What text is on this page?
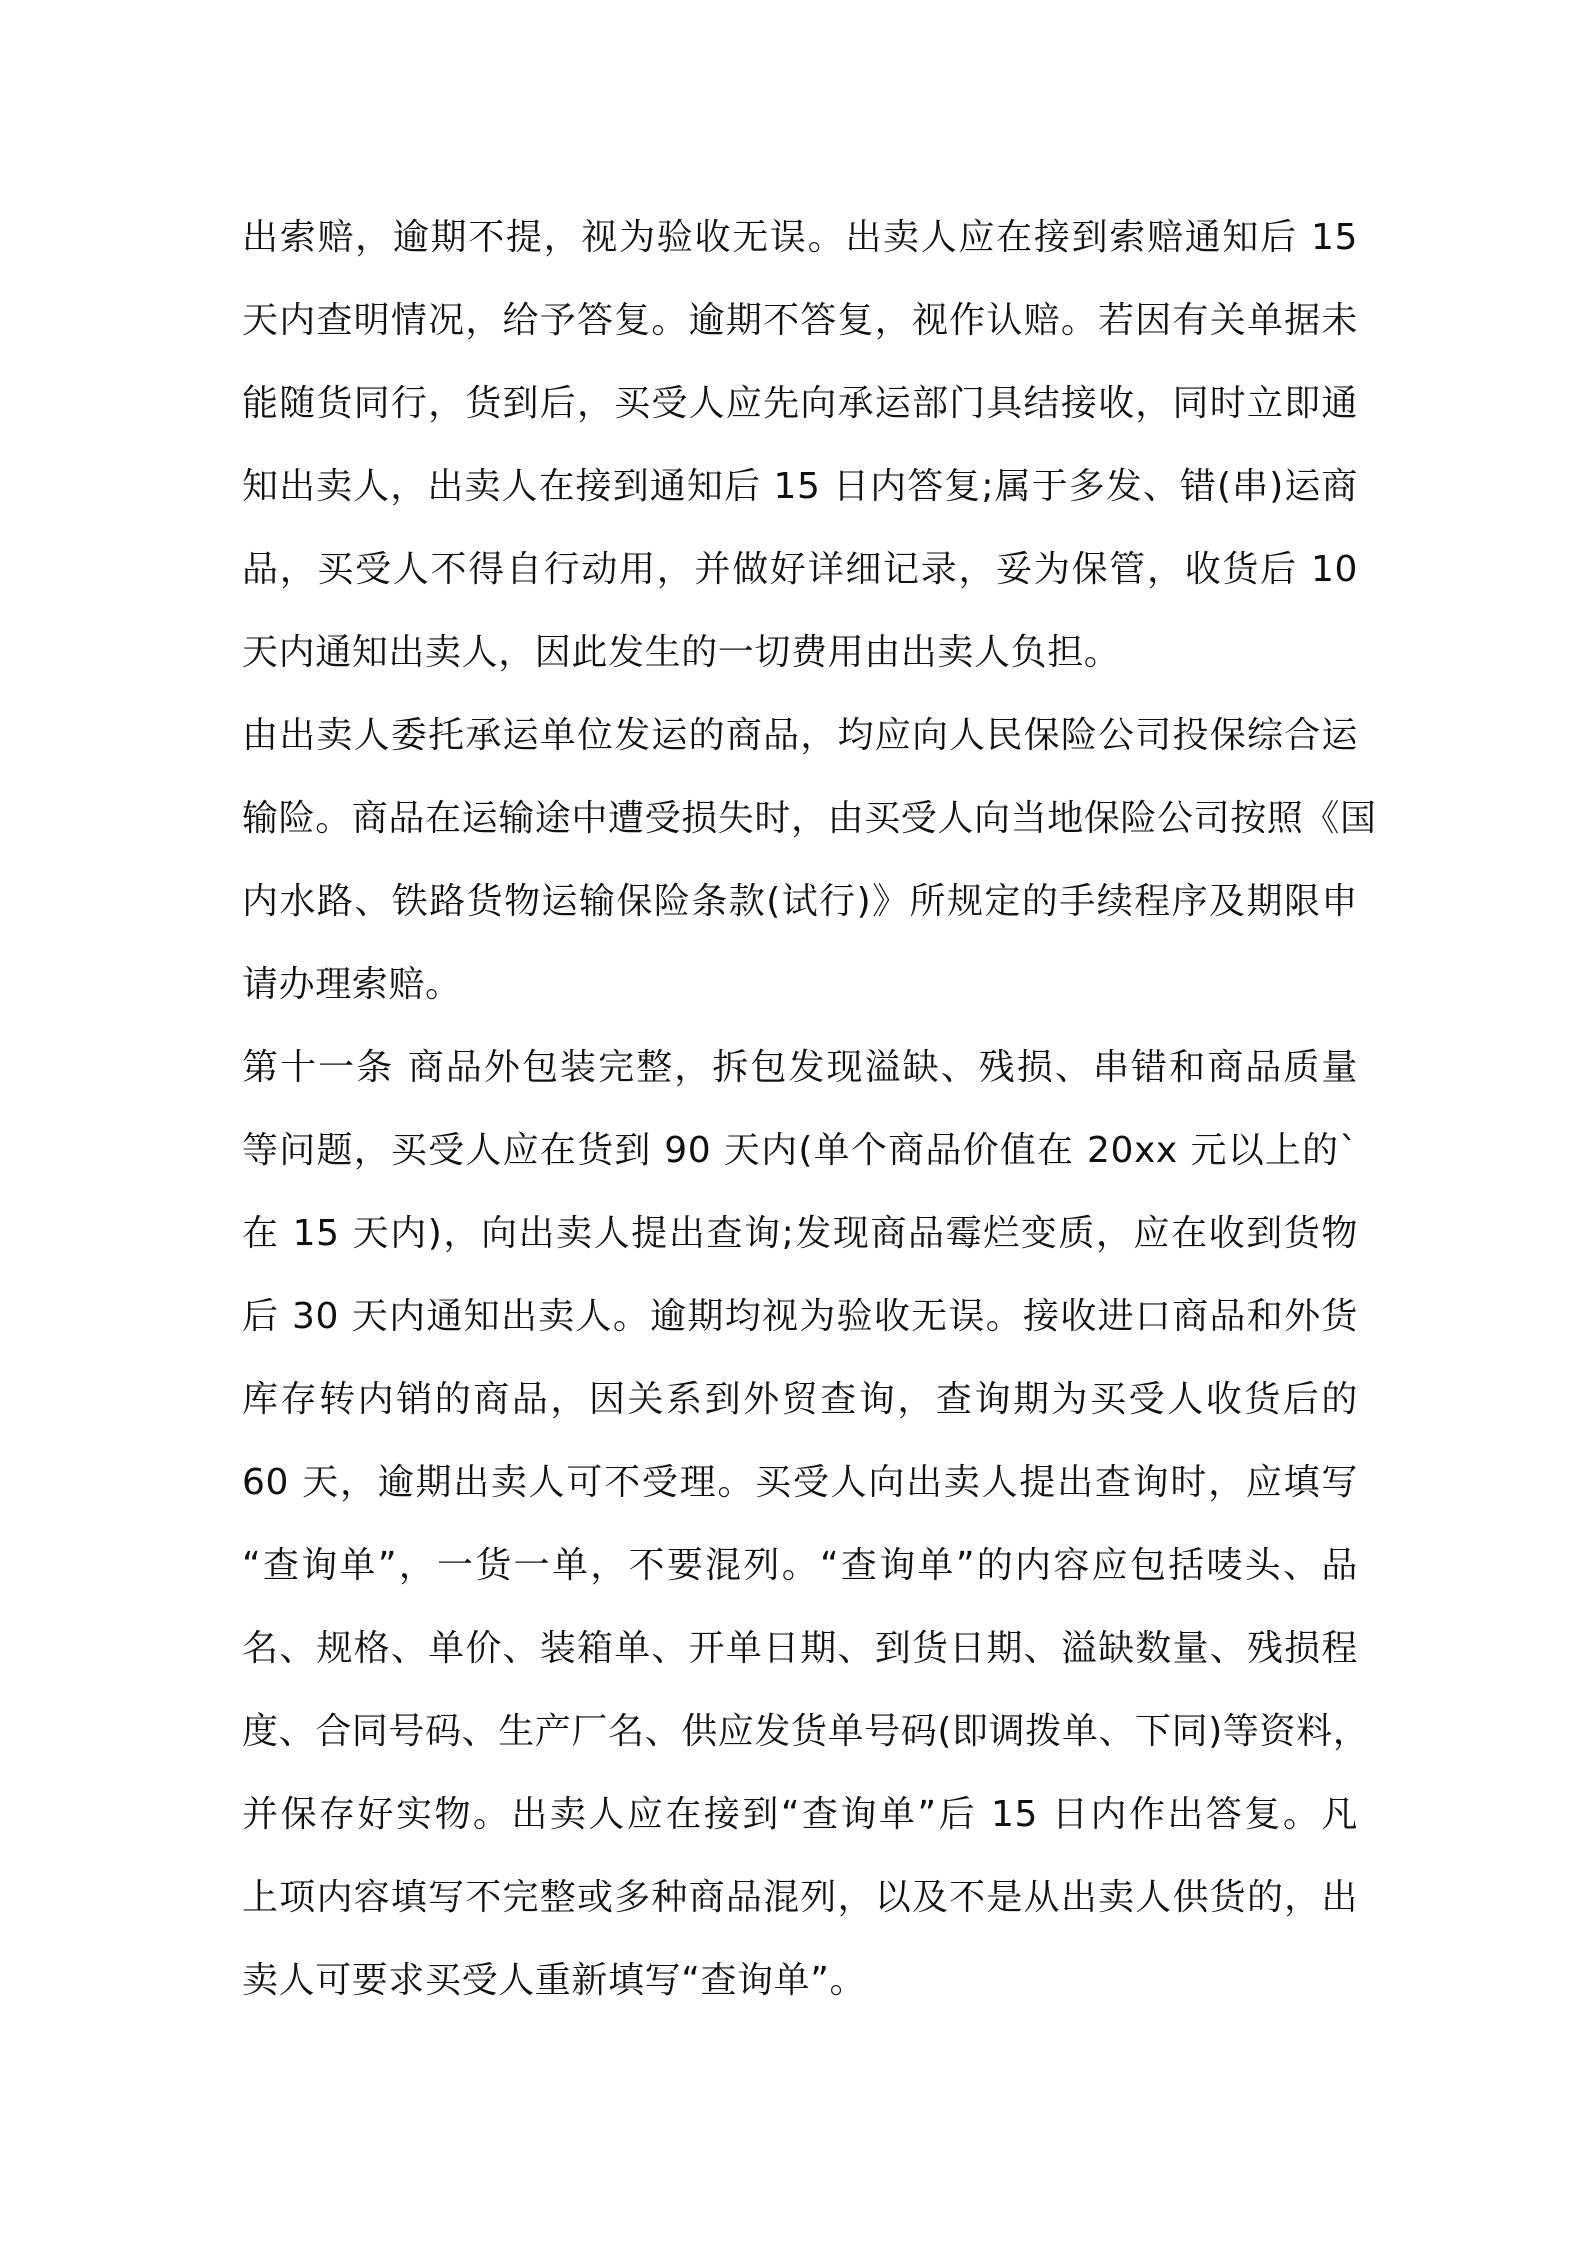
出索赔，逾期不提，视为验收无误。出卖人应在接到索赔通知后 15
天内查明情况，给予答复。逾期不答复，视作认赔。若因有关单据未
能随货同行，货到后，买受人应先向承运部门具结接收，同时立即通
知出卖人，出卖人在接到通知后 15 日内答复;属于多发、错(串)运商
品，买受人不得自行动用，并做好详细记录，妥为保管，收货后 10
天内通知出卖人，因此发生的一切费用由出卖人负担。
由出卖人委托承运单位发运的商品，均应向人民保险公司投保综合运
输险。商品在运输途中遭受损失时，由买受人向当地保险公司按照《国
内水路、铁路货物运输保险条款(试行)》所规定的手续程序及期限申
请办理索赔。
第十一条 商品外包装完整，拆包发现溢缺、残损、串错和商品质量
等问题，买受人应在货到 90 天内(单个商品价值在 20xx 元以上的`
在 15 天内)，向出卖人提出查询;发现商品霉烂变质，应在收到货物
后 30 天内通知出卖人。逾期均视为验收无误。接收进口商品和外货
库存转内销的商品，因关系到外贸查询，查询期为买受人收货后的
60 天，逾期出卖人可不受理。买受人向出卖人提出查询时，应填写
“查询单”，一货一单，不要混列。“查询单”的内容应包括唛头、品
名、规格、单价、装箱单、开单日期、到货日期、溢缺数量、残损程
度、合同号码、生产厂名、供应发货单号码(即调拨单、下同)等资料，
并保存好实物。出卖人应在接到“查询单”后 15 日内作出答复。凡
上项内容填写不完整或多种商品混列，以及不是从出卖人供货的，出
卖人可要求买受人重新填写“查询单”。
